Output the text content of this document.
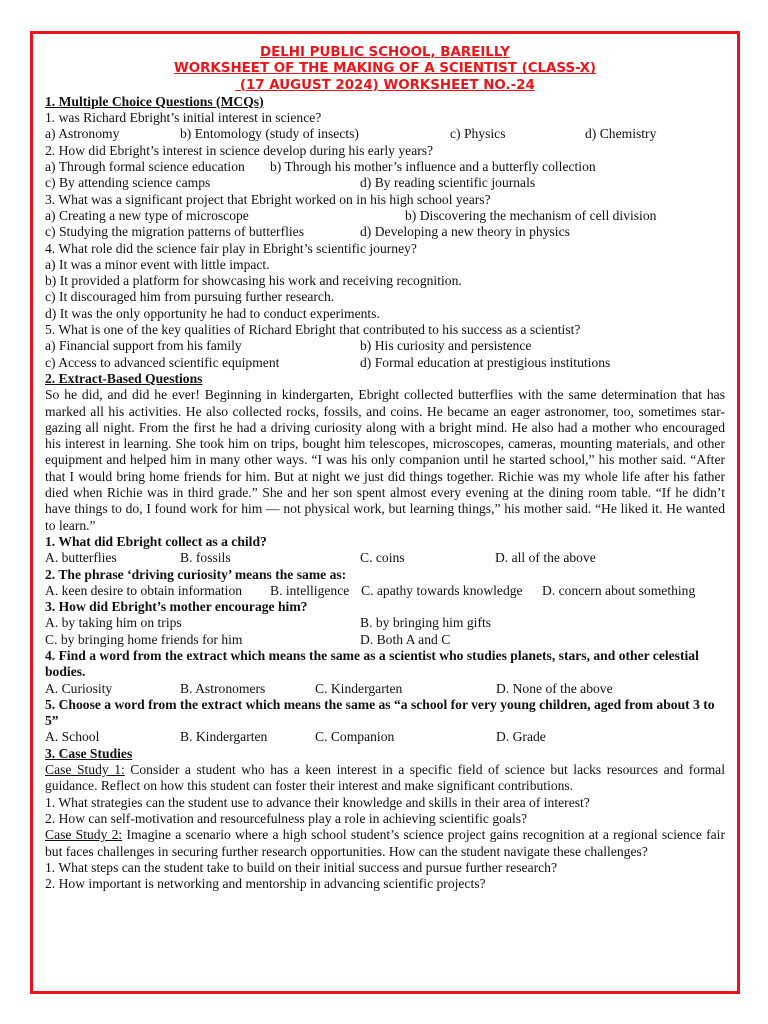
DELHI PUBLIC SCHOOL, BAREILLY
WORKSHEET OF THE MAKING OF A SCIENTIST (CLASS-X)
(17 AUGUST 2024) WORKSHEET NO.-24
1. Multiple Choice Questions (MCQs)
1. was Richard Ebright’s initial interest in science?
a) Astronomy	b) Entomology (study of insects)	c) Physics	d) Chemistry
2. How did Ebright’s interest in science develop during his early years?
a) Through formal science education	b) Through his mother’s influence and a butterfly collection
c) By attending science camps	d) By reading scientific journals
3. What was a significant project that Ebright worked on in his high school years?
a) Creating a new type of microscope	b) Discovering the mechanism of cell division
c) Studying the migration patterns of butterflies	d) Developing a new theory in physics
4. What role did the science fair play in Ebright’s scientific journey?
a) It was a minor event with little impact.
b) It provided a platform for showcasing his work and receiving recognition.
c) It discouraged him from pursuing further research.
d) It was the only opportunity he had to conduct experiments.
5. What is one of the key qualities of Richard Ebright that contributed to his success as a scientist?
a) Financial support from his family	b) His curiosity and persistence
c) Access to advanced scientific equipment	d) Formal education at prestigious institutions
2. Extract-Based Questions
So he did, and did he ever! Beginning in kindergarten, Ebright collected butterflies with the same determination that has marked all his activities. He also collected rocks, fossils, and coins. He became an eager astronomer, too, sometimes star-gazing all night. From the first he had a driving curiosity along with a bright mind. He also had a mother who encouraged his interest in learning. She took him on trips, bought him telescopes, microscopes, cameras, mounting materials, and other equipment and helped him in many other ways. “I was his only companion until he started school,” his mother said. “After that I would bring home friends for him. But at night we just did things together. Richie was my whole life after his father died when Richie was in third grade.” She and her son spent almost every evening at the dining room table. “If he didn’t have things to do, I found work for him — not physical work, but learning things,” his mother said. “He liked it. He wanted to learn.”
1. What did Ebright collect as a child?
A. butterflies	B. fossils	C. coins	D. all of the above
2. The phrase ‘driving curiosity’ means the same as:
A. keen desire to obtain information	B. intelligence C. apathy towards knowledge	D. concern about something
3. How did Ebright’s mother encourage him?
A. by taking him on trips	B. by bringing him gifts
C. by bringing home friends for him	D. Both A and C
4. Find a word from the extract which means the same as a scientist who studies planets, stars, and other celestial bodies.
A. Curiosity	B. Astronomers	C. Kindergarten	D. None of the above
5. Choose a word from the extract which means the same as “a school for very young children, aged from about 3 to 5”
A. School	B. Kindergarten	C. Companion	D. Grade
3. Case Studies
Case Study 1: Consider a student who has a keen interest in a specific field of science but lacks resources and formal guidance. Reflect on how this student can foster their interest and make significant contributions.
1. What strategies can the student use to advance their knowledge and skills in their area of interest?
2. How can self-motivation and resourcefulness play a role in achieving scientific goals?
Case Study 2: Imagine a scenario where a high school student’s science project gains recognition at a regional science fair but faces challenges in securing further research opportunities. How can the student navigate these challenges?
1. What steps can the student take to build on their initial success and pursue further research?
2. How important is networking and mentorship in advancing scientific projects?
